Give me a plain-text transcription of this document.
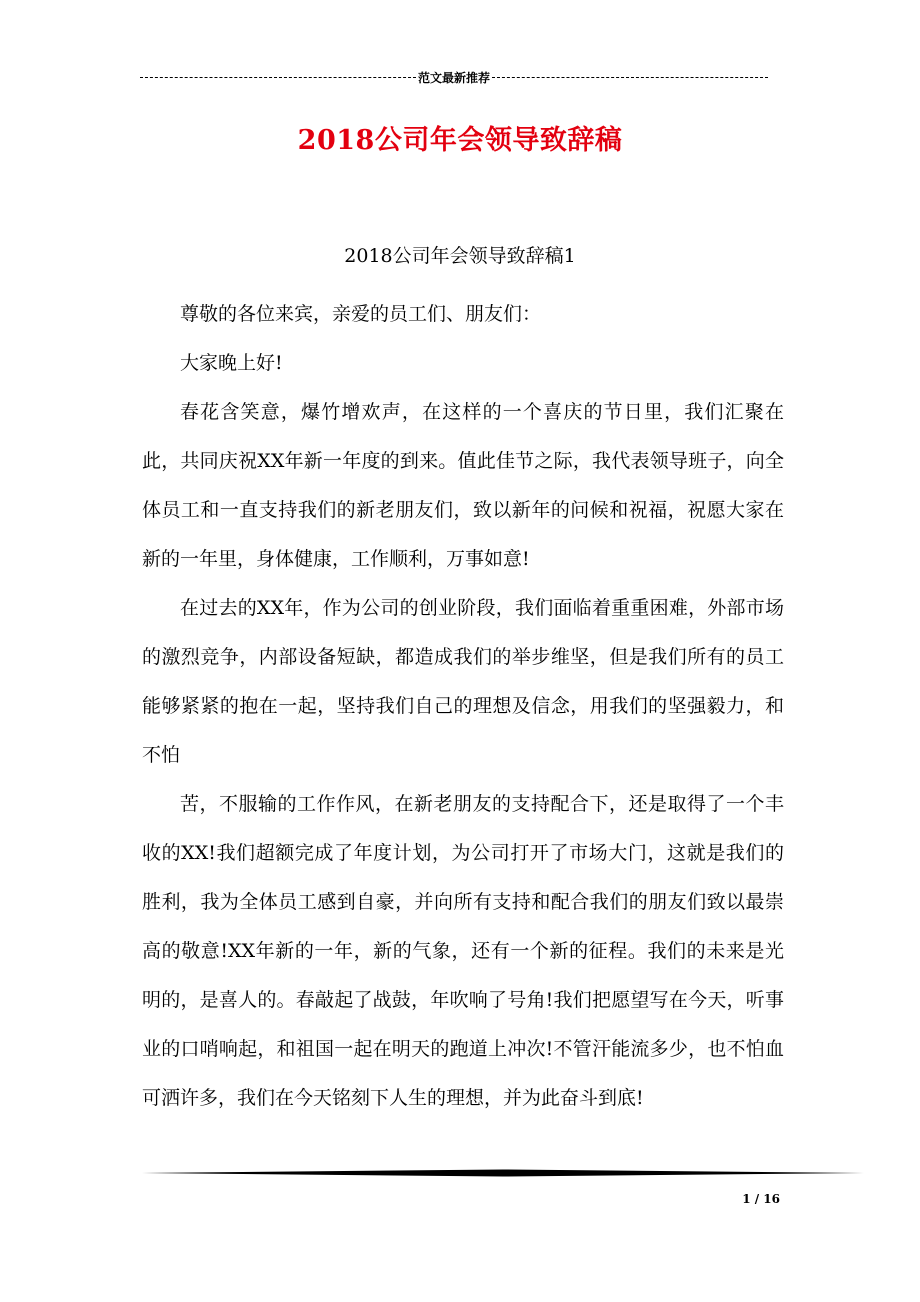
范文最新推荐
2018公司年会领导致辞稿
2018公司年会领导致辞稿1

尊敬的各位来宾，亲爱的员工们、朋友们：

大家晚上好!

春花含笑意，爆竹增欢声，在这样的一个喜庆的节日里，我们汇聚在此，共同庆祝XX年新一年度的到来。值此佳节之际，我代表领导班子，向全体员工和一直支持我们的新老朋友们，致以新年的问候和祝福，祝愿大家在新的一年里，身体健康，工作顺利，万事如意!

在过去的XX年，作为公司的创业阶段，我们面临着重重困难，外部市场的激烈竞争，内部设备短缺，都造成我们的举步维坚，但是我们所有的员工能够紧紧的抱在一起，坚持我们自己的理想及信念，用我们的坚强毅力，和不怕

苦，不服输的工作作风，在新老朋友的支持配合下，还是取得了一个丰收的XX!我们超额完成了年度计划，为公司打开了市场大门，这就是我们的胜利，我为全体员工感到自豪，并向所有支持和配合我们的朋友们致以最崇高的敬意!XX年新的一年，新的气象，还有一个新的征程。我们的未来是光明的，是喜人的。春敲起了战鼓，年吹响了号角!我们把愿望写在今天，听事业的口哨响起，和祖国一起在明天的跑道上冲次!不管汗能流多少，也不怕血可洒许多，我们在今天铭刻下人生的理想，并为此奋斗到底!

1 / 16
